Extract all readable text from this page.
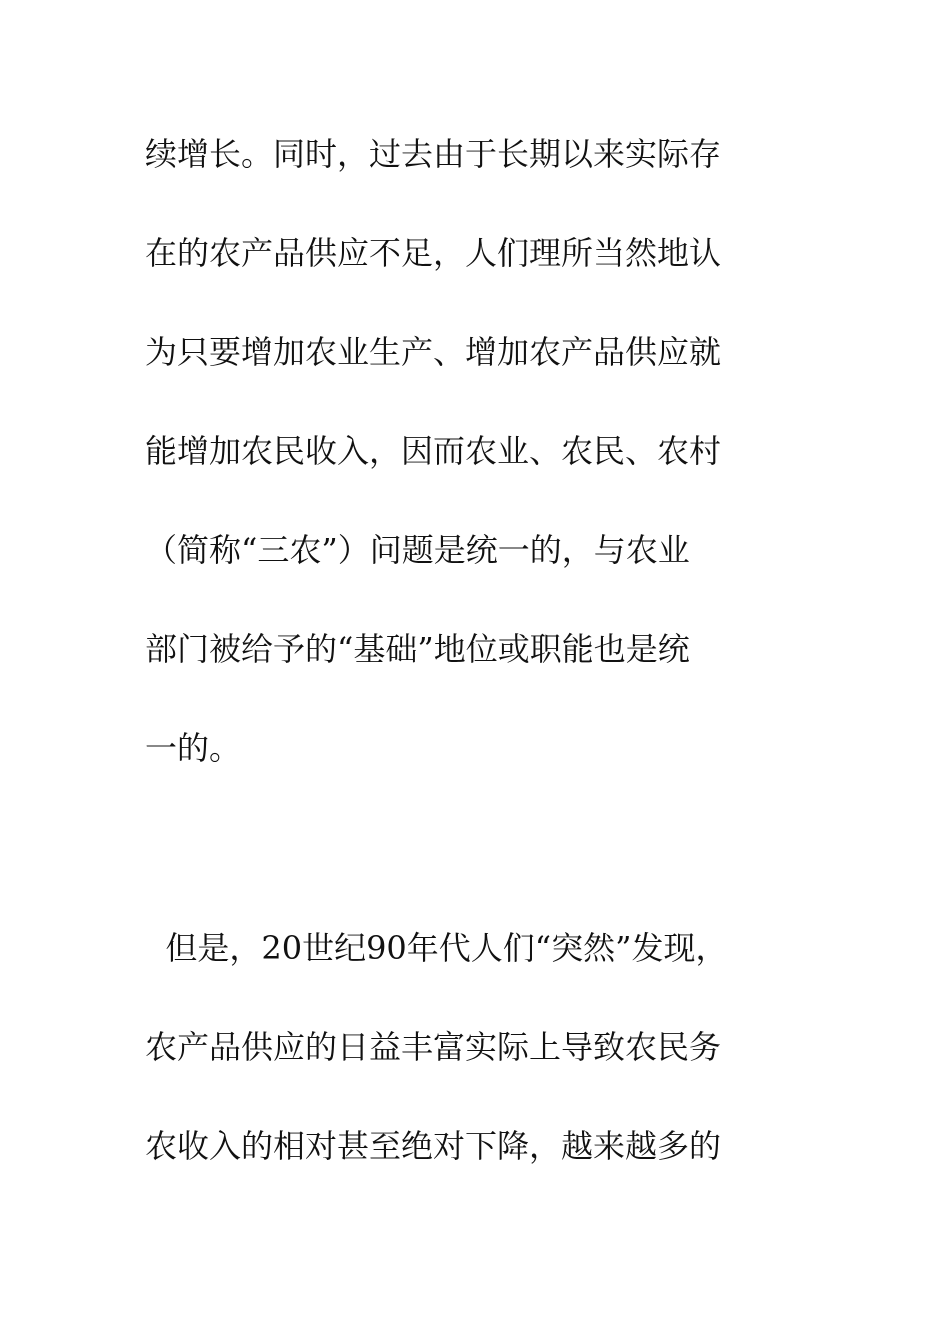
续增长。同时，过去由于长期以来实际存
在的农产品供应不足，人们理所当然地认
为只要增加农业生产、增加农产品供应就
能增加农民收入，因而农业、农民、农村
（简称“三农”）问题是统一的，与农业
部门被给予的“基础”地位或职能也是统
一的。
但是，20世纪90年代人们“突然”发现，
农产品供应的日益丰富实际上导致农民务
农收入的相对甚至绝对下降，越来越多的
